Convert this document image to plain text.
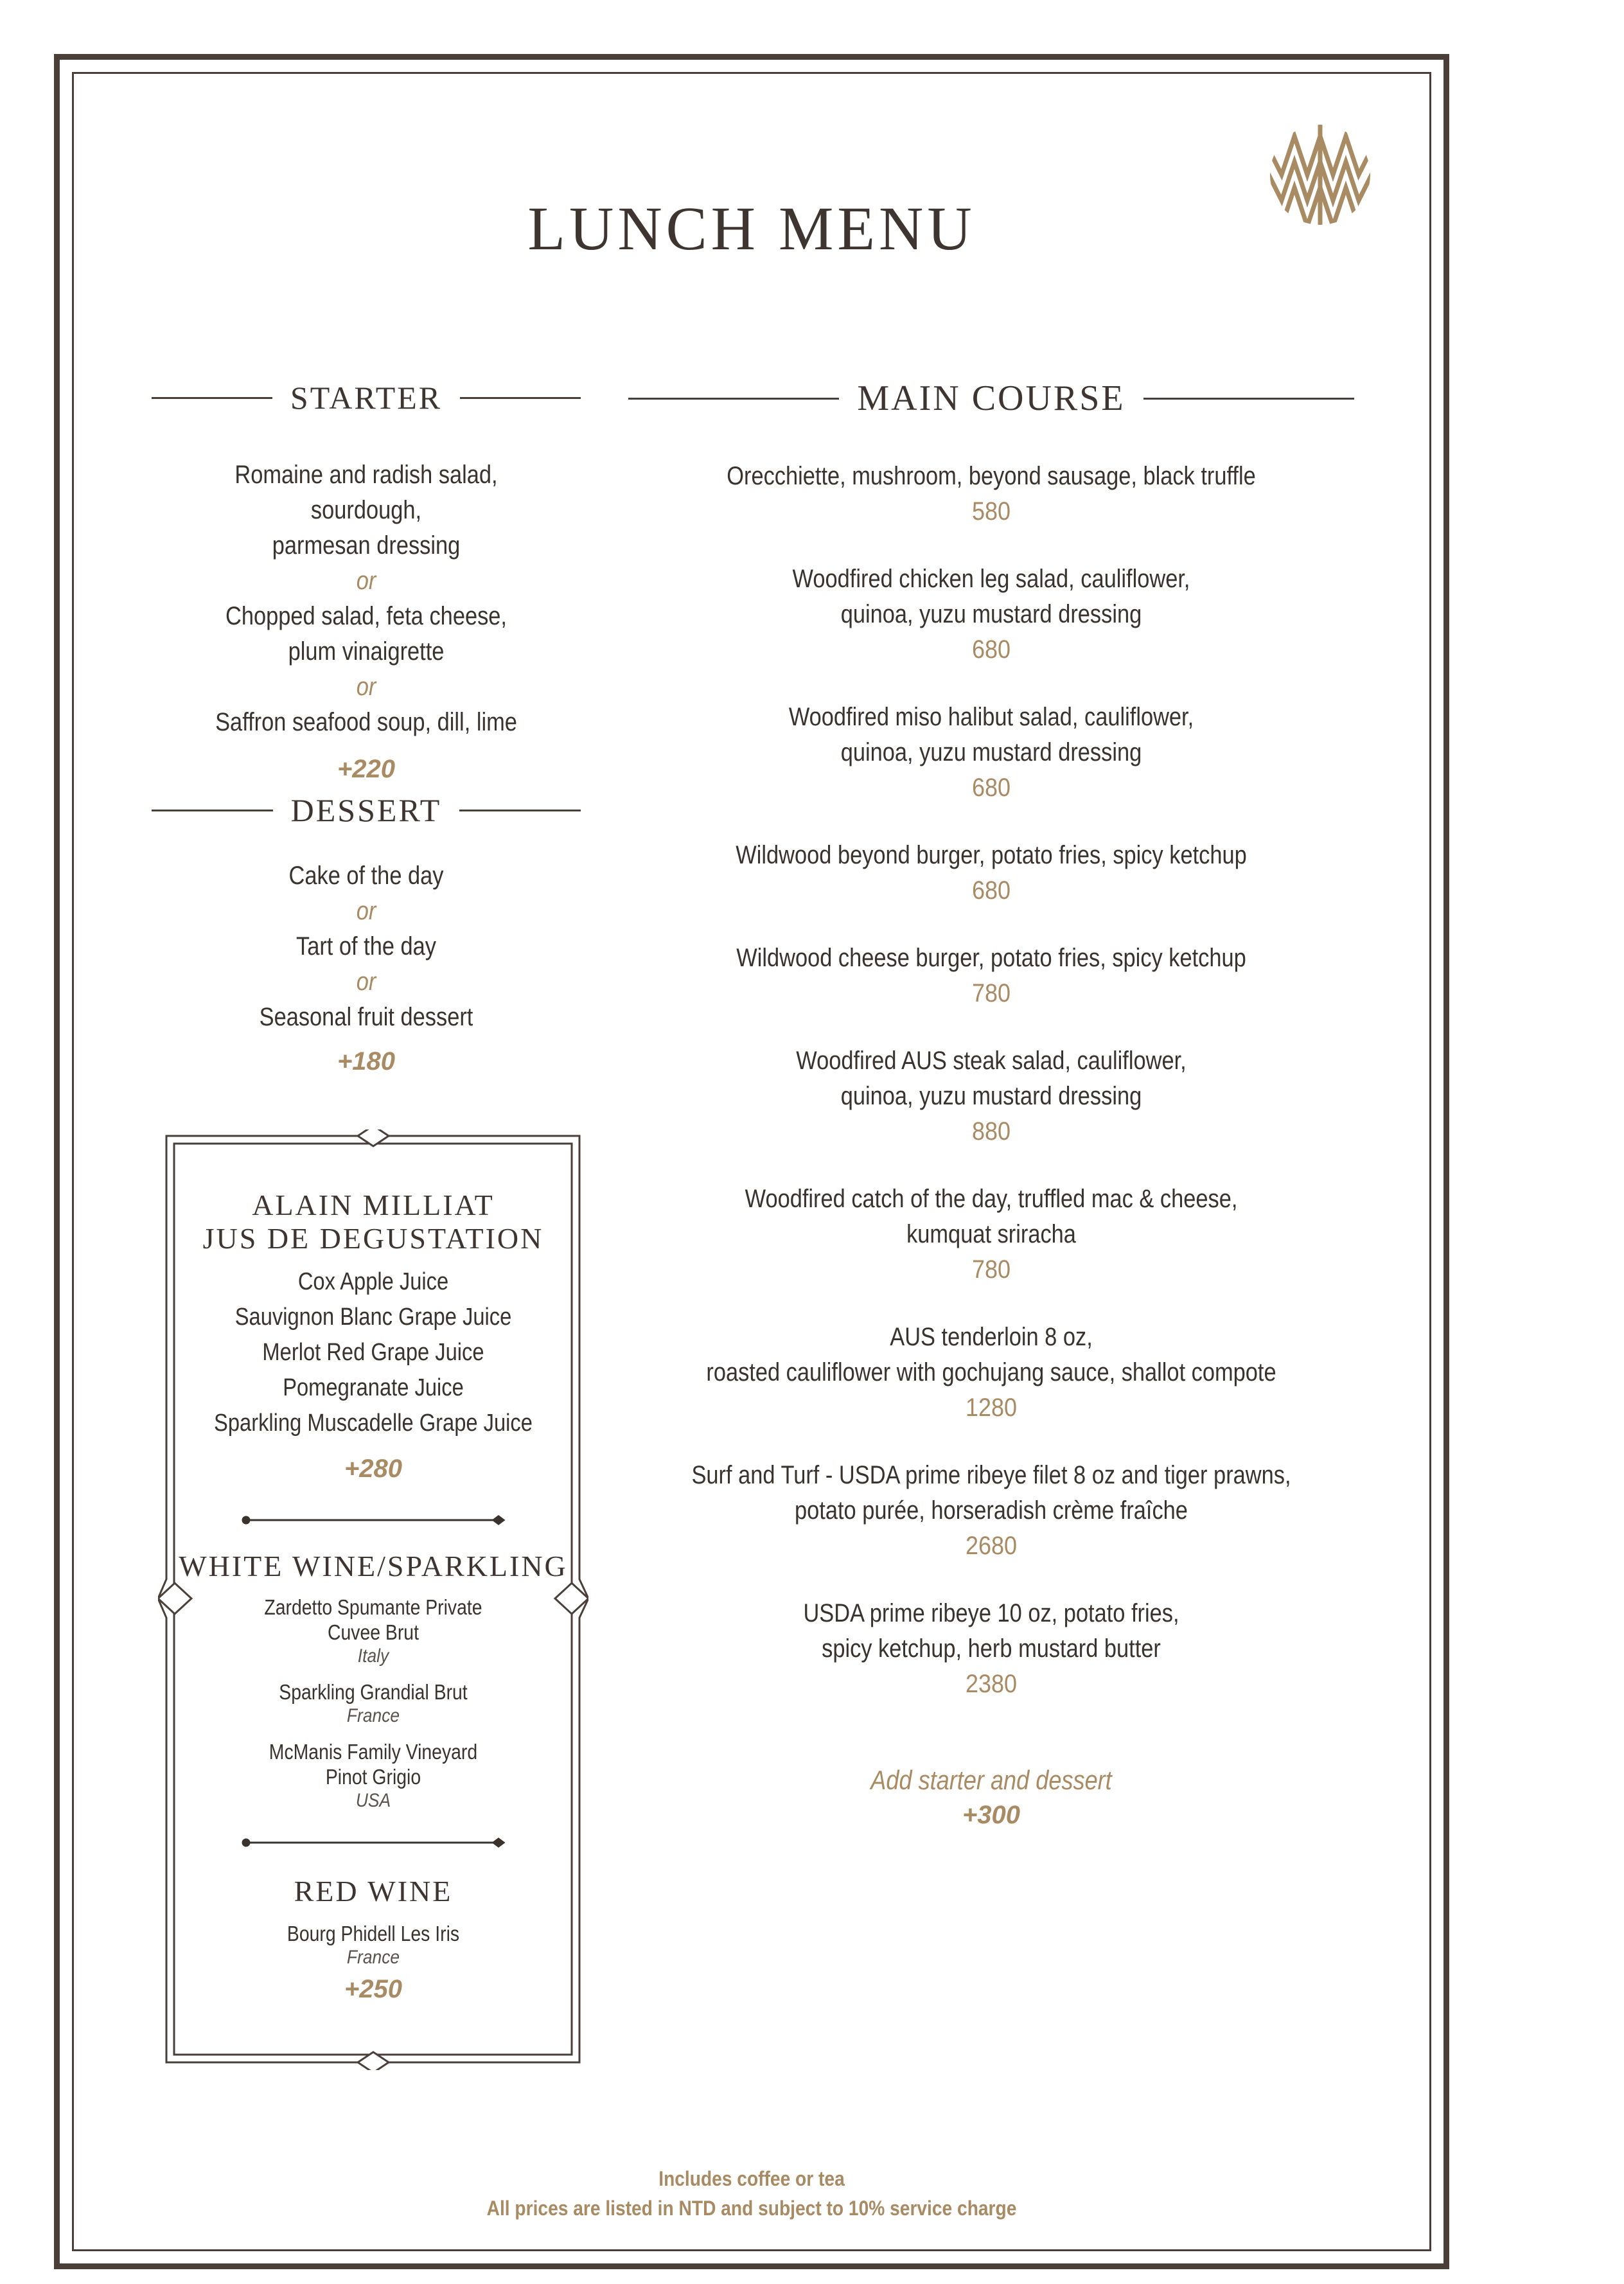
LUNCH MENU
STARTER
Romaine and radish salad, sourdough,
parmesan dressing
or
Chopped salad, feta cheese,
plum vinaigrette
or
Saffron seafood soup, dill, lime
+220
DESSERT
Cake of the day
or
Tart of the day
or
Seasonal fruit dessert
+180
ALAIN MILLIAT
JUS DE DEGUSTATION
Cox Apple Juice
Sauvignon Blanc Grape Juice
Merlot Red Grape Juice
Pomegranate Juice
Sparkling Muscadelle Grape Juice
+280
WHITE WINE/SPARKLING
Zardetto Spumante Private
Cuvee Brut
Italy
Sparkling Grandial Brut
France
McManis Family Vineyard
Pinot Grigio
USA
RED WINE
Bourg Phidell Les Iris
France
+250
MAIN COURSE
Orecchiette, mushroom, beyond sausage, black truffle
580
Woodfired chicken leg salad, cauliflower,
quinoa, yuzu mustard dressing
680
Woodfired miso halibut salad, cauliflower,
quinoa, yuzu mustard dressing
680
Wildwood beyond burger, potato fries, spicy ketchup
680
Wildwood cheese burger, potato fries, spicy ketchup
780
Woodfired AUS steak salad, cauliflower,
quinoa, yuzu mustard dressing
880
Woodfired catch of the day, truffled mac & cheese,
kumquat sriracha
780
AUS tenderloin 8 oz,
roasted cauliflower with gochujang sauce, shallot compote
1280
Surf and Turf - USDA prime ribeye filet 8 oz and tiger prawns,
potato purée, horseradish crème fraîche
2680
USDA prime ribeye 10 oz, potato fries,
spicy ketchup, herb mustard butter
2380
Add starter and dessert
+300
Includes coffee or tea
All prices are listed in NTD and subject to 10% service charge
